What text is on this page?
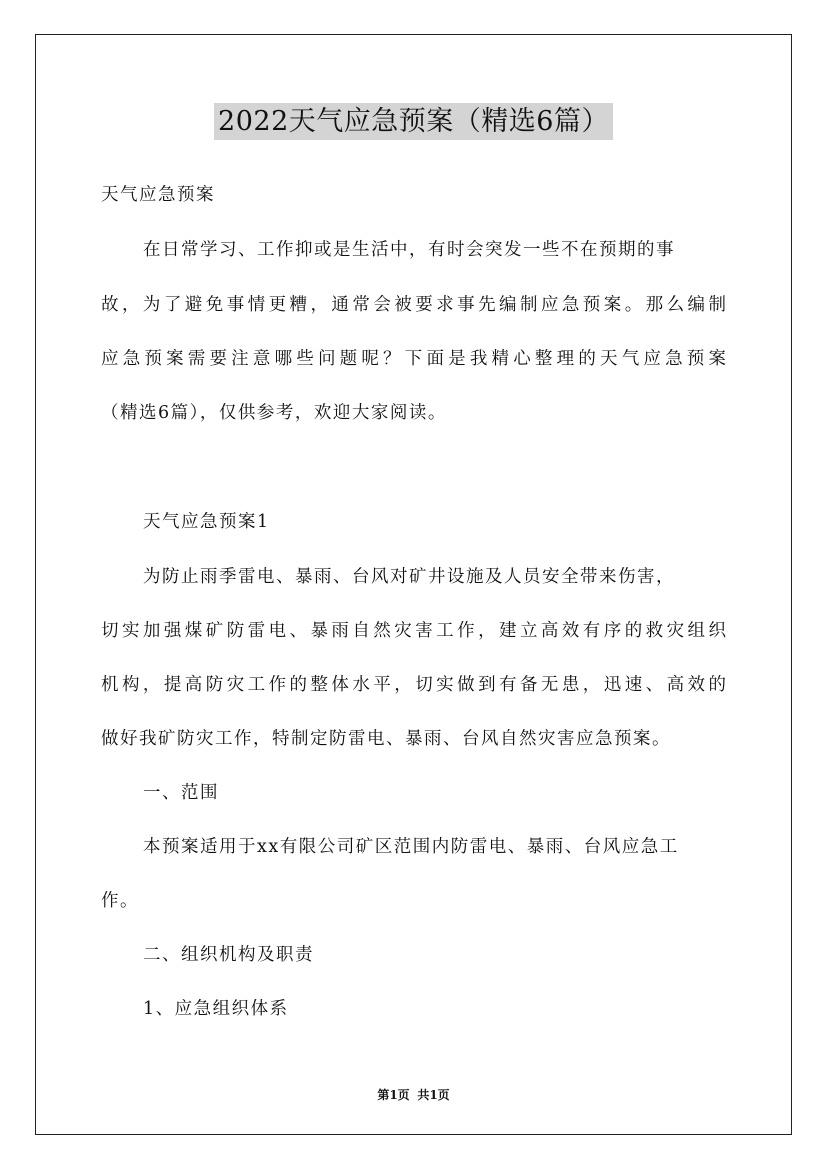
2022天气应急预案（精选6篇）
天气应急预案
在日常学习、工作抑或是生活中，有时会突发一些不在预期的事
故，为了避免事情更糟，通常会被要求事先编制应急预案。那么编制
应急预案需要注意哪些问题呢？下面是我精心整理的天气应急预案
（精选6篇），仅供参考，欢迎大家阅读。
天气应急预案1
为防止雨季雷电、暴雨、台风对矿井设施及人员安全带来伤害，
切实加强煤矿防雷电、暴雨自然灾害工作，建立高效有序的救灾组织
机构，提高防灾工作的整体水平，切实做到有备无患，迅速、高效的
做好我矿防灾工作，特制定防雷电、暴雨、台风自然灾害应急预案。
一、范围
本预案适用于xx有限公司矿区范围内防雷电、暴雨、台风应急工
作。
二、组织机构及职责
1、应急组织体系
第1页 共1页
